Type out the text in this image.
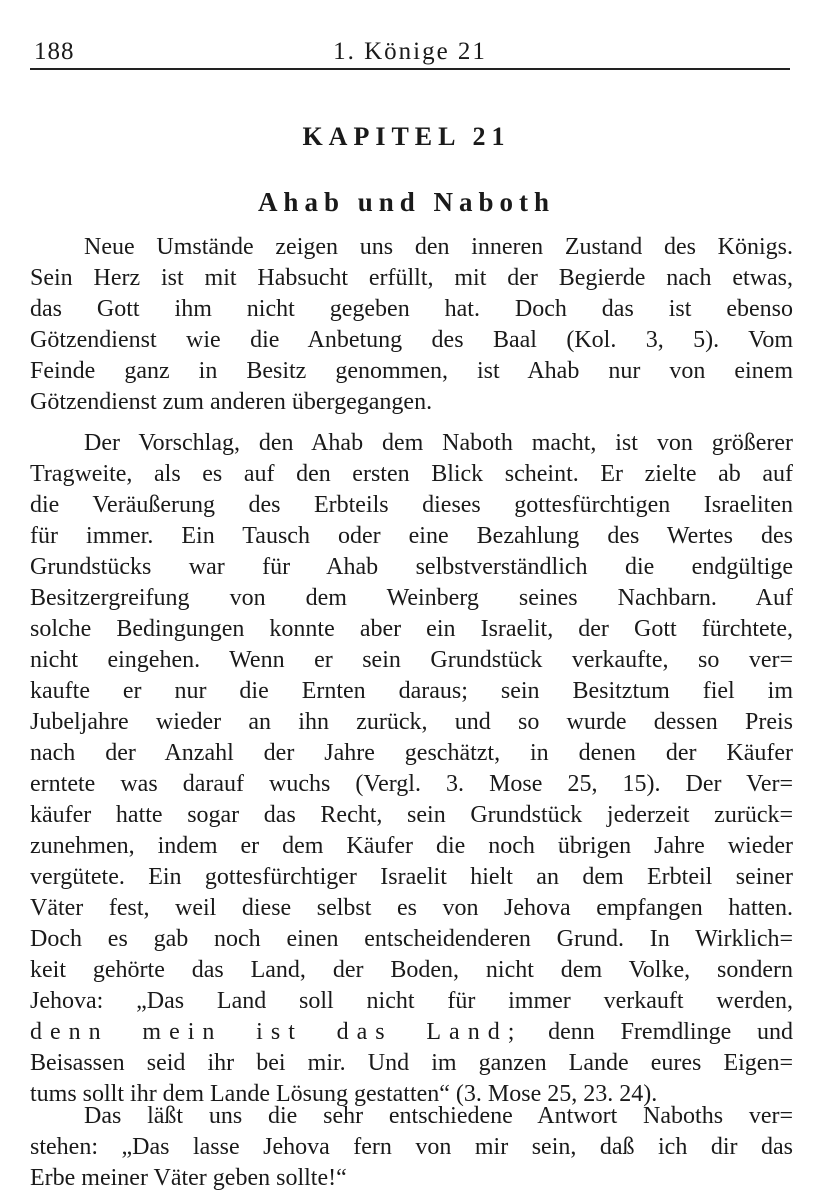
188	1. Könige 21
KAPITEL 21
Ahab und Naboth
Neue Umstände zeigen uns den inneren Zustand des Königs.
Sein Herz ist mit Habsucht erfüllt, mit der Begierde nach etwas,
das Gott ihm nicht gegeben hat. Doch das ist ebenso
Götzendienst wie die Anbetung des Baal (Kol. 3, 5). Vom
Feinde ganz in Besitz genommen, ist Ahab nur von einem
Götzendienst zum anderen übergegangen.
Der Vorschlag, den Ahab dem Naboth macht, ist von größerer
Tragweite, als es auf den ersten Blick scheint. Er zielte ab auf
die Veräußerung des Erbteils dieses gottesfürchtigen Israeliten
für immer. Ein Tausch oder eine Bezahlung des Wertes des
Grundstücks war für Ahab selbstverständlich die endgültige
Besitzergreifung von dem Weinberg seines Nachbarn. Auf
solche Bedingungen konnte aber ein Israelit, der Gott fürchtete,
nicht eingehen. Wenn er sein Grundstück verkaufte, so ver=
kaufte er nur die Ernten daraus; sein Besitztum fiel im
Jubeljahre wieder an ihn zurück, und so wurde dessen Preis
nach der Anzahl der Jahre geschätzt, in denen der Käufer
erntete was darauf wuchs (Vergl. 3. Mose 25, 15). Der Ver=
käufer hatte sogar das Recht, sein Grundstück jederzeit zurück=
zunehmen, indem er dem Käufer die noch übrigen Jahre wieder
vergütete. Ein gottesfürchtiger Israelit hielt an dem Erbteil seiner
Väter fest, weil diese selbst es von Jehova empfangen hatten.
Doch es gab noch einen entscheidenderen Grund. In Wirklich=
keit gehörte das Land, der Boden, nicht dem Volke, sondern
Jehova: „Das Land soll nicht für immer verkauft werden,
denn mein ist das Land; denn Fremdlinge und
Beisassen seid ihr bei mir. Und im ganzen Lande eures Eigen=
tums sollt ihr dem Lande Lösung gestatten“ (3. Mose 25, 23. 24).
Das läßt uns die sehr entschiedene Antwort Naboths ver=
stehen: „Das lasse Jehova fern von mir sein, daß ich dir das
Erbe meiner Väter geben sollte!“
